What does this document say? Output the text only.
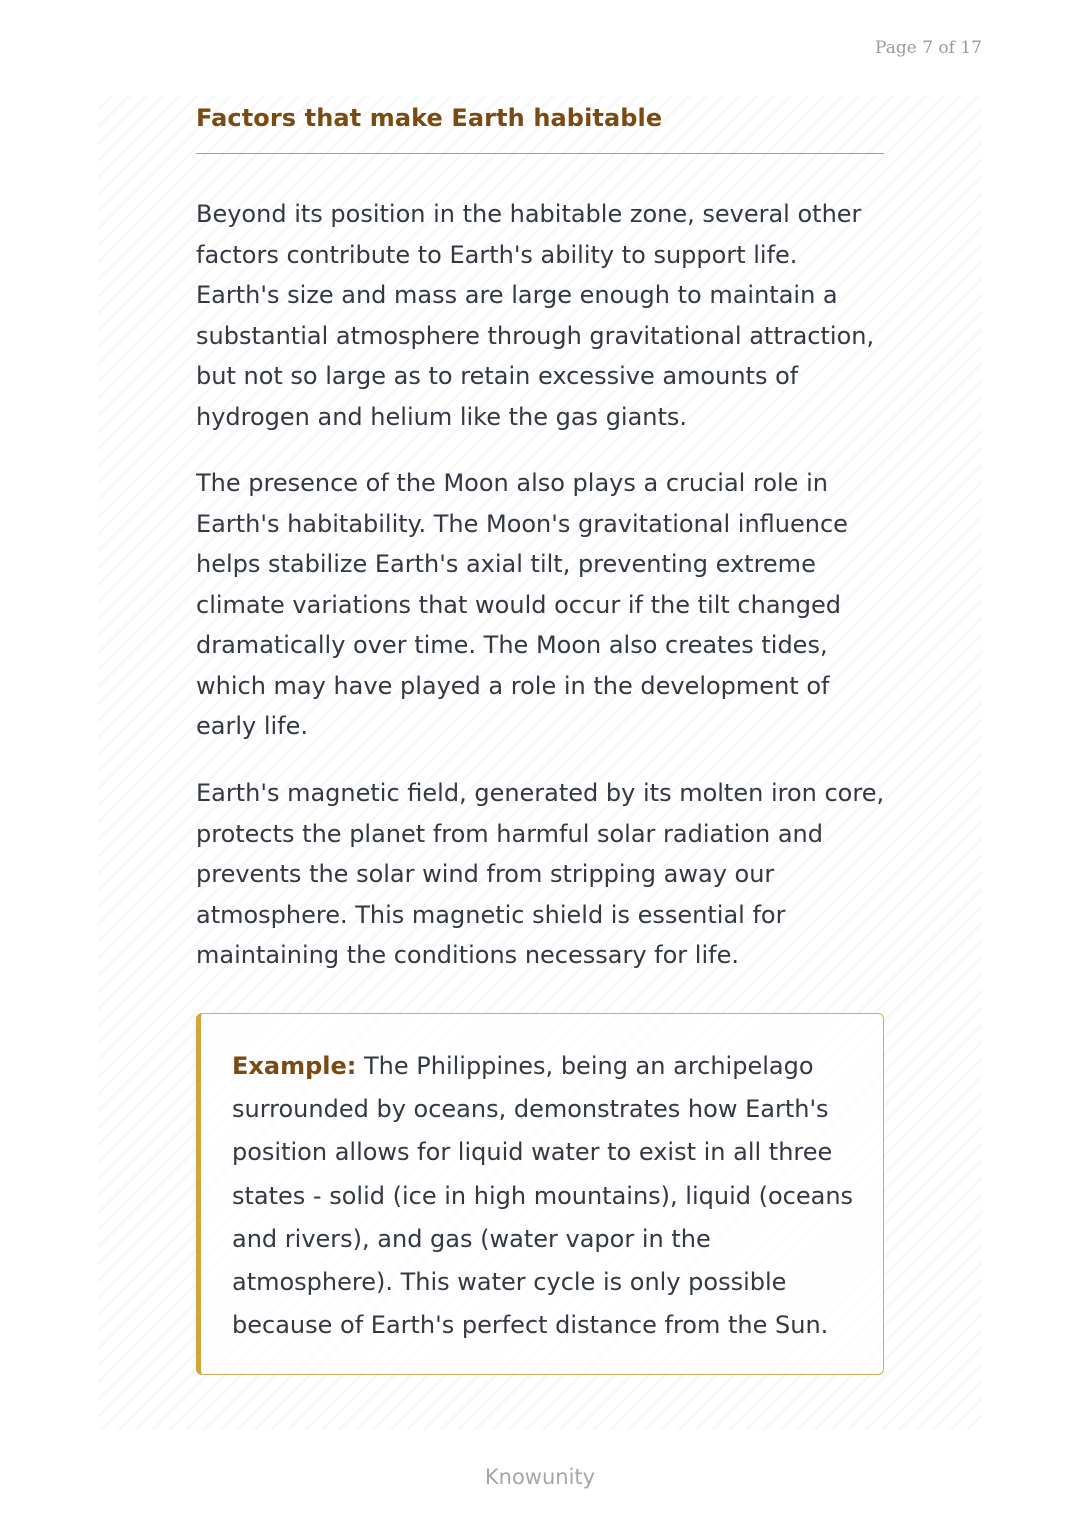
Page 7 of 17
Factors that make Earth habitable

Beyond its position in the habitable zone, several other factors contribute to Earth's ability to support life. Earth's size and mass are large enough to maintain a substantial atmosphere through gravitational attraction, but not so large as to retain excessive amounts of hydrogen and helium like the gas giants.

The presence of the Moon also plays a crucial role in Earth's habitability. The Moon's gravitational influence helps stabilize Earth's axial tilt, preventing extreme climate variations that would occur if the tilt changed dramatically over time. The Moon also creates tides, which may have played a role in the development of early life.

Earth's magnetic field, generated by its molten iron core, protects the planet from harmful solar radiation and prevents the solar wind from stripping away our atmosphere. This magnetic shield is essential for maintaining the conditions necessary for life.

Example: The Philippines, being an archipelago surrounded by oceans, demonstrates how Earth's position allows for liquid water to exist in all three states - solid (ice in high mountains), liquid (oceans and rivers), and gas (water vapor in the atmosphere). This water cycle is only possible because of Earth's perfect distance from the Sun.

Knowunity
